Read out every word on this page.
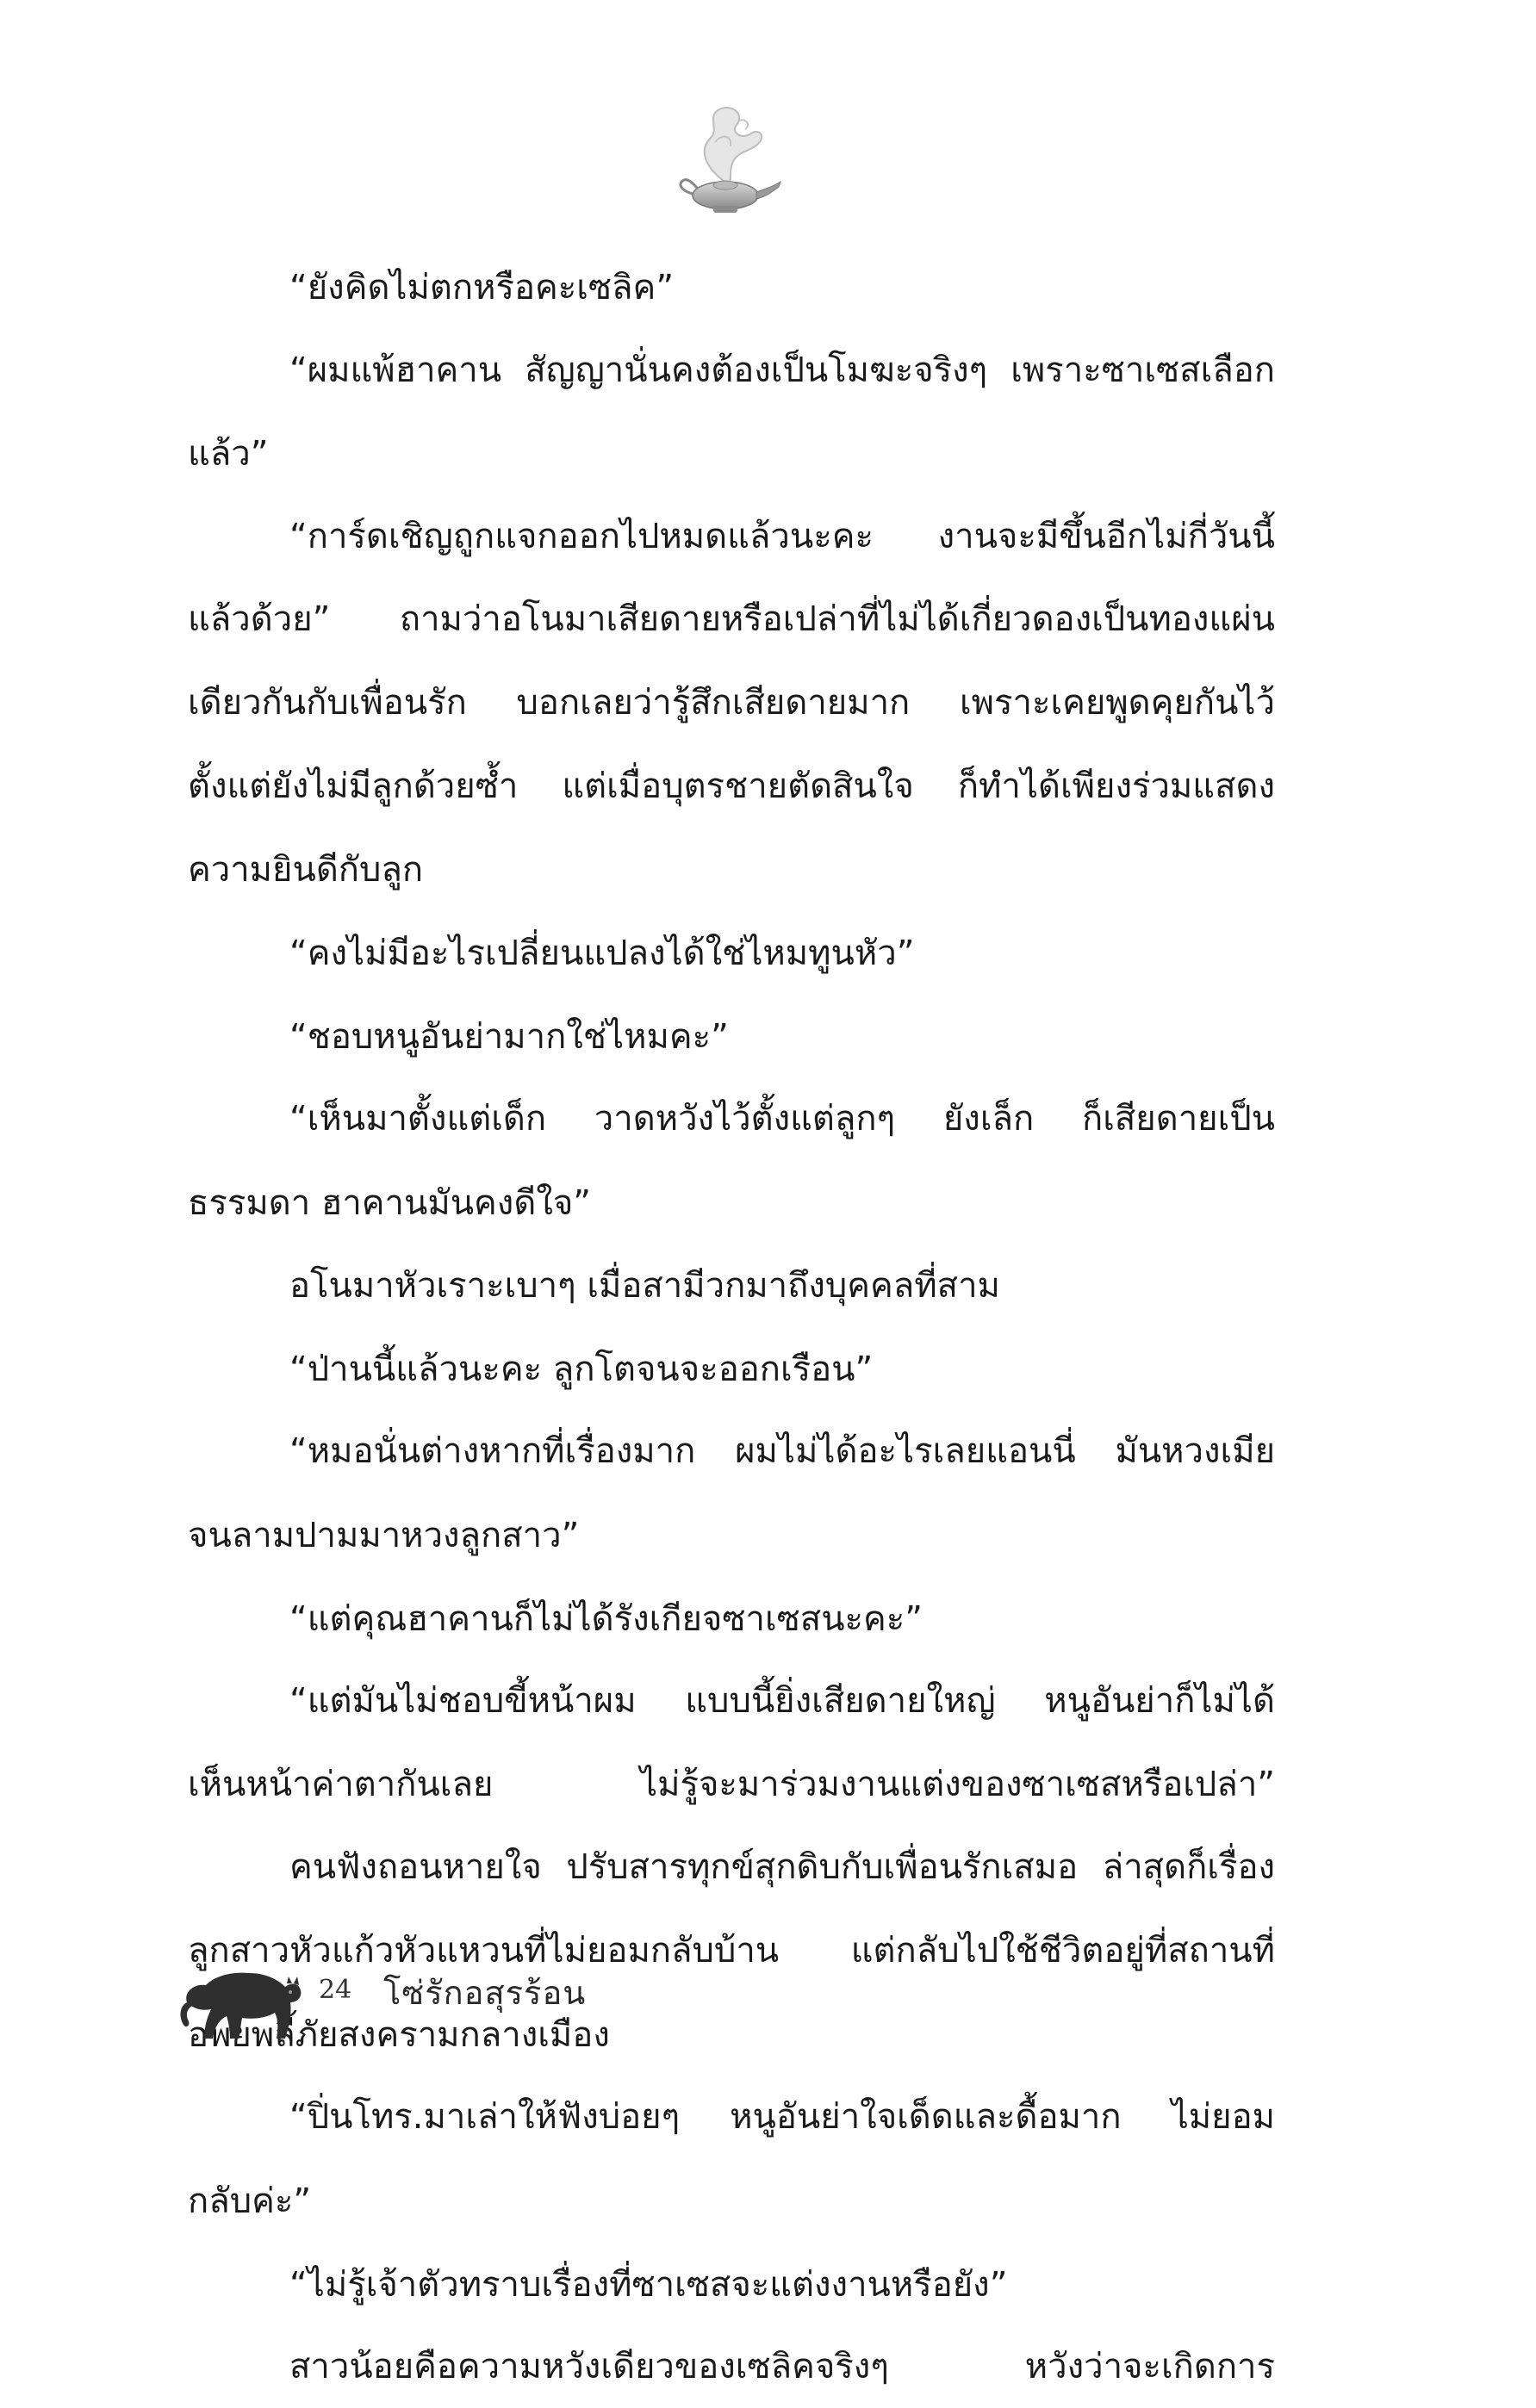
“ยังคิดไม่ตกหรือคะเซลิค”
“ผมแพ้ฮาคาน สัญญานั่นคงต้องเป็นโมฆะจริงๆ เพราะซาเซสเลือก
แล้ว”
“การ์ดเชิญถูกแจกออกไปหมดแล้วนะคะ งานจะมีขึ้นอีกไม่กี่วันนี้
แล้วด้วย” ถามว่าอโนมาเสียดายหรือเปล่าที่ไม่ได้เกี่ยวดองเป็นทองแผ่น
เดียวกันกับเพื่อนรัก บอกเลยว่ารู้สึกเสียดายมาก เพราะเคยพูดคุยกันไว้
ตั้งแต่ยังไม่มีลูกด้วยซ้ำ แต่เมื่อบุตรชายตัดสินใจ ก็ทำได้เพียงร่วมแสดง
ความยินดีกับลูก
“คงไม่มีอะไรเปลี่ยนแปลงได้ใช่ไหมทูนหัว”
“ชอบหนูอันย่ามากใช่ไหมคะ”
“เห็นมาตั้งแต่เด็ก วาดหวังไว้ตั้งแต่ลูกๆ ยังเล็ก ก็เสียดายเป็น
ธรรมดา ฮาคานมันคงดีใจ”
อโนมาหัวเราะเบาๆ เมื่อสามีวกมาถึงบุคคลที่สาม
“ป่านนี้แล้วนะคะ ลูกโตจนจะออกเรือน”
“หมอนั่นต่างหากที่เรื่องมาก ผมไม่ได้อะไรเลยแอนนี่ มันหวงเมีย
จนลามปามมาหวงลูกสาว”
“แต่คุณฮาคานก็ไม่ได้รังเกียจซาเซสนะคะ”
“แต่มันไม่ชอบขี้หน้าผม แบบนี้ยิ่งเสียดายใหญ่ หนูอันย่าก็ไม่ได้
เห็นหน้าค่าตากันเลย ไม่รู้จะมาร่วมงานแต่งของซาเซสหรือเปล่า”
คนฟังถอนหายใจ ปรับสารทุกข์สุกดิบกับเพื่อนรักเสมอ ล่าสุดก็เรื่อง
ลูกสาวหัวแก้วหัวแหวนที่ไม่ยอมกลับบ้าน แต่กลับไปใช้ชีวิตอยู่ที่สถานที่
อพยพลี้ภัยสงครามกลางเมือง
“ปิ่นโทร.มาเล่าให้ฟังบ่อยๆ หนูอันย่าใจเด็ดและดื้อมาก ไม่ยอม
กลับค่ะ”
“ไม่รู้เจ้าตัวทราบเรื่องที่ซาเซสจะแต่งงานหรือยัง”
สาวน้อยคือความหวังเดียวของเซลิคจริงๆ หวังว่าจะเกิดการ
24 โซ่รักอสุรร้อน
